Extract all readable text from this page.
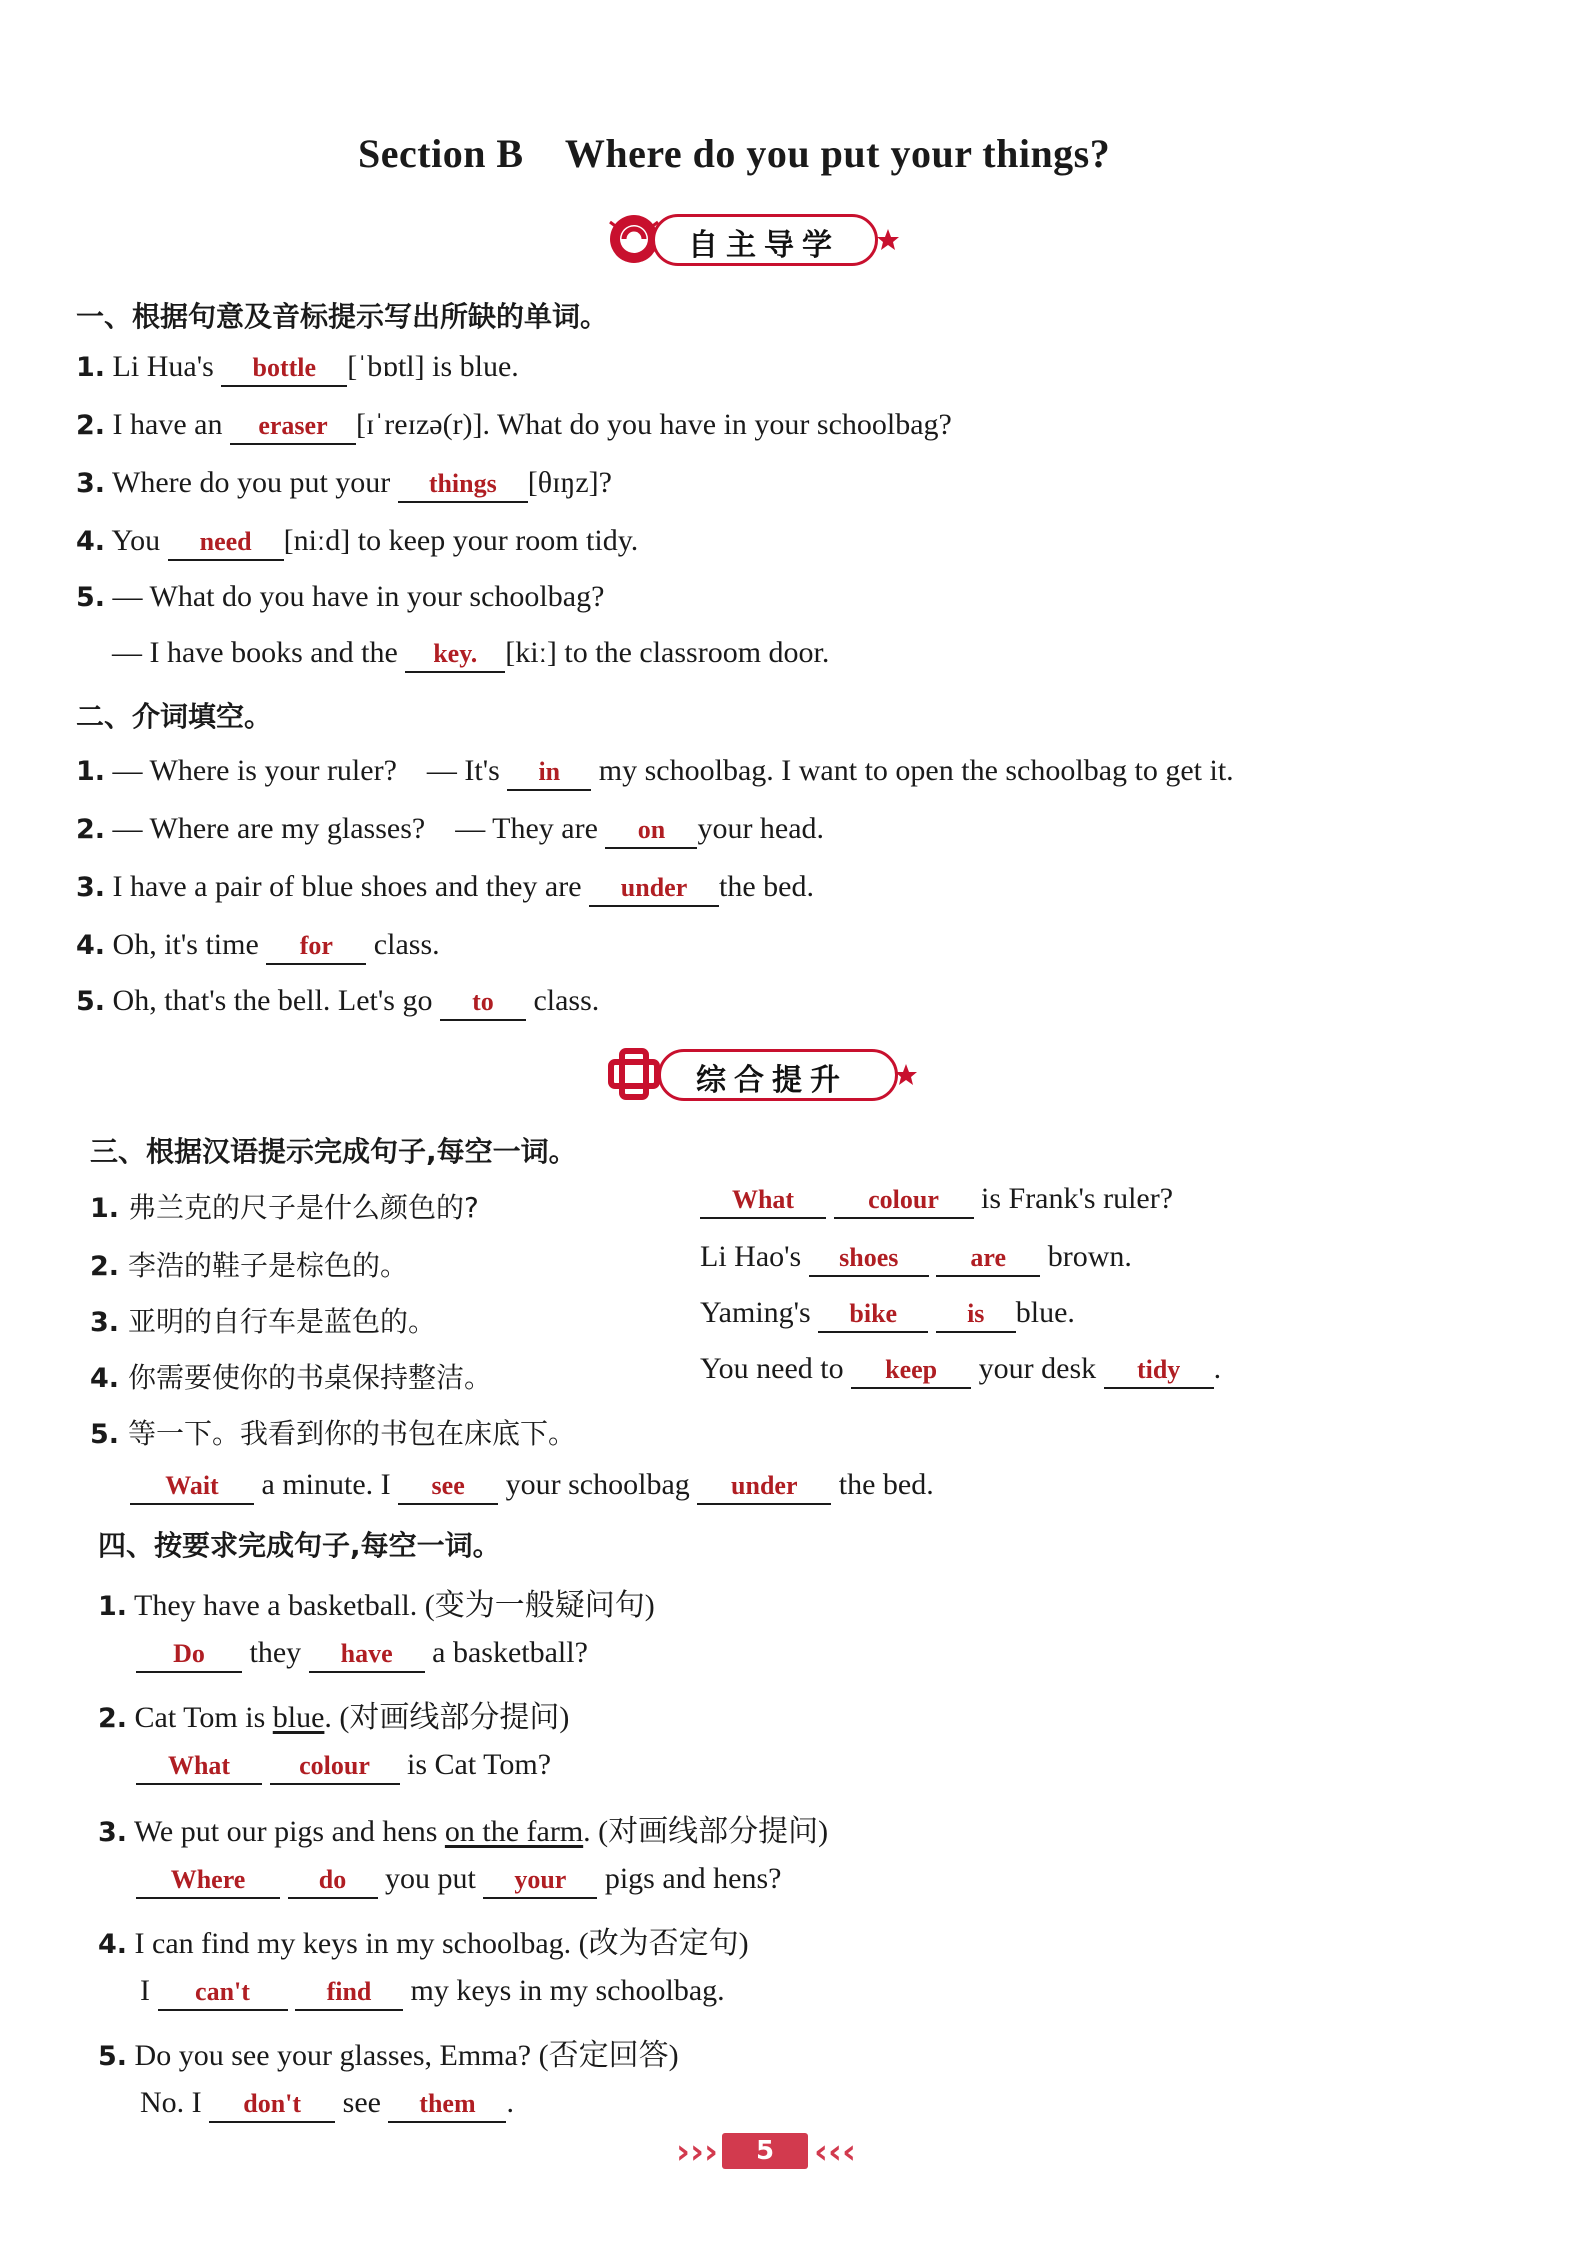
Section B    Where do you put your things?
自主导学
一、根据句意及音标提示写出所缺的单词。
1. Li Hua's bottle [ˈbɒtl] is blue.
2. I have an eraser [ɪˈreɪzə(r)]. What do you have in your schoolbag?
3. Where do you put your things [θɪŋz]?
4. You need [niːd] to keep your room tidy.
5. — What do you have in your schoolbag?
— I have books and the key. [kiː] to the classroom door.
二、介词填空。
1. — Where is your ruler?    — It's in my schoolbag. I want to open the schoolbag to get it.
2. — Where are my glasses?    — They are on your head.
3. I have a pair of blue shoes and they are under the bed.
4. Oh, it's time for class.
5. Oh, that's the bell. Let's go to class.
综合提升
三、根据汉语提示完成句子,每空一词。
1. 弗兰克的尺子是什么颜色的?	What	colour is Frank's ruler?
2. 李浩的鞋子是棕色的。	Li Hao's shoes	are brown.
3. 亚明的自行车是蓝色的。	Yaming's bike	is blue.
4. 你需要使你的书桌保持整洁。	You need to keep your desk tidy .
5. 等一下。我看到你的书包在床底下。
Wait a minute. I see your schoolbag under the bed.
四、按要求完成句子,每空一词。
1. They have a basketball. (变为一般疑问句)
Do they have a basketball?
2. Cat Tom is blue. (对画线部分提问)
What	colour is Cat Tom?
3. We put our pigs and hens on the farm. (对画线部分提问)
Where	do you put your pigs and hens?
4. I can find my keys in my schoolbag. (改为否定句)
I can't	find my keys in my schoolbag.
5. Do you see your glasses, Emma? (否定回答)
No. I don't see them .
›››	5	‹‹‹
